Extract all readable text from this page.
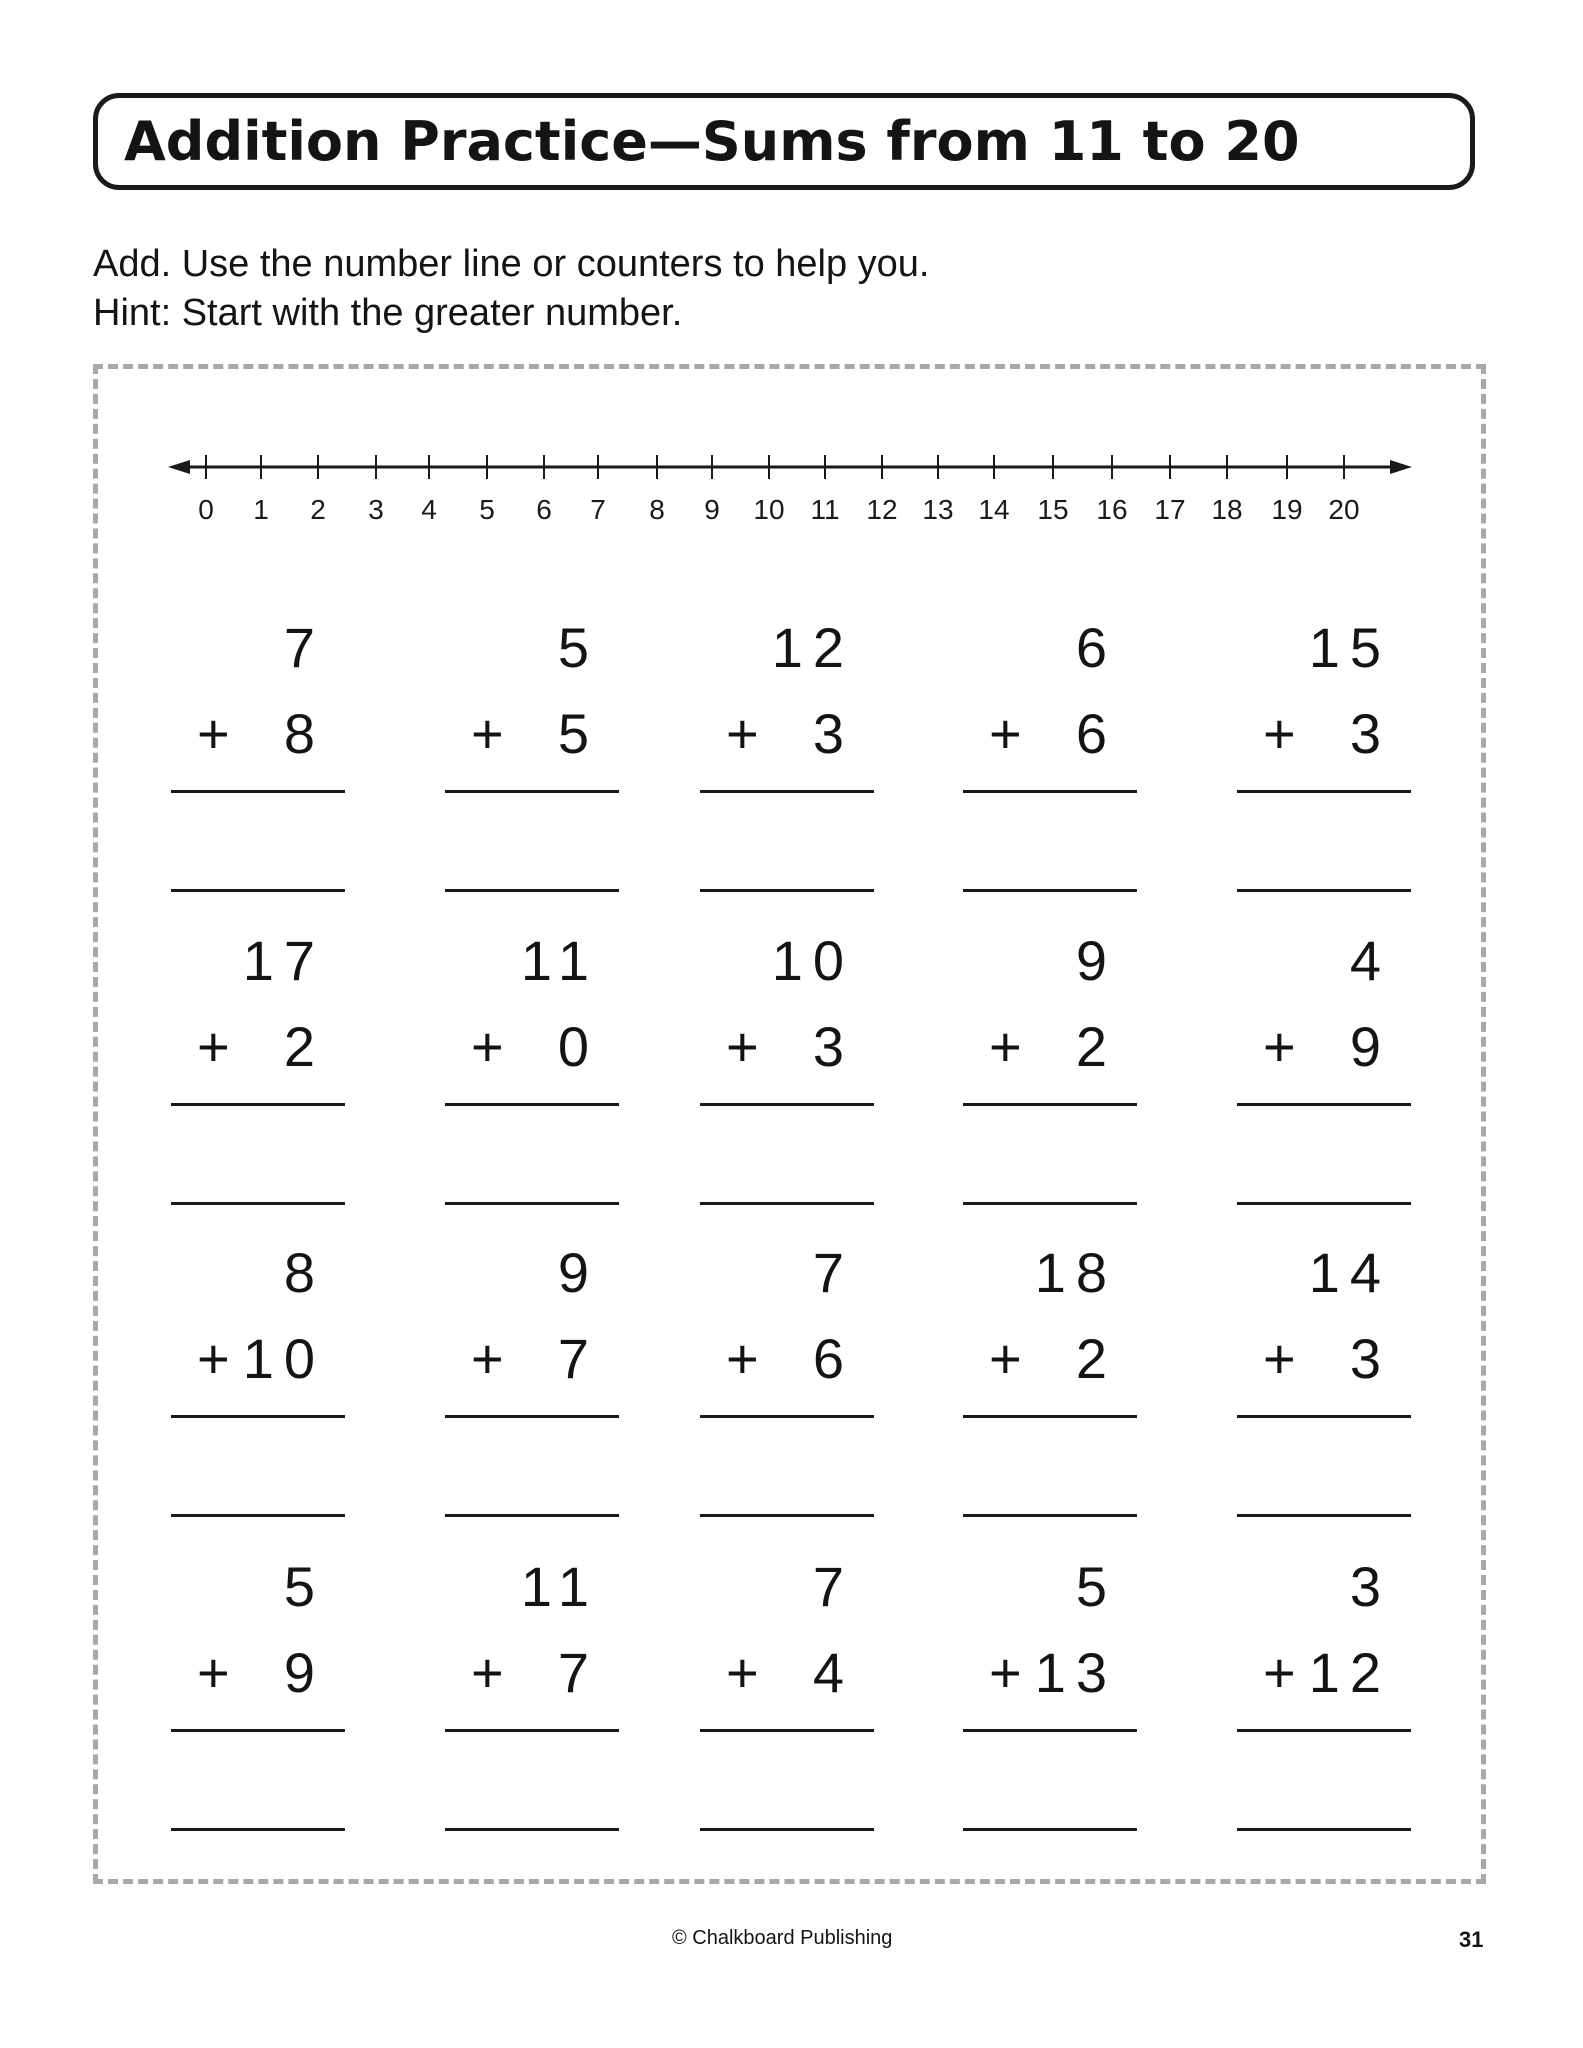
Addition Practice—Sums from 11 to 20
Add. Use the number line or counters to help you.
Hint: Start with the greater number.
0 1 2 3 4 5 6 7 8 9 10 11 12 13 14 15 16 17 18 19 20
7
+ 8
5
+ 5
12
+ 3
6
+ 6
15
+ 3
17
+ 2
11
+ 0
10
+ 3
9
+ 2
4
+ 9
8
+ 10
9
+ 7
7
+ 6
18
+ 2
14
+ 3
5
+ 9
11
+ 7
7
+ 4
5
+ 13
3
+ 12
© Chalkboard Publishing	31
